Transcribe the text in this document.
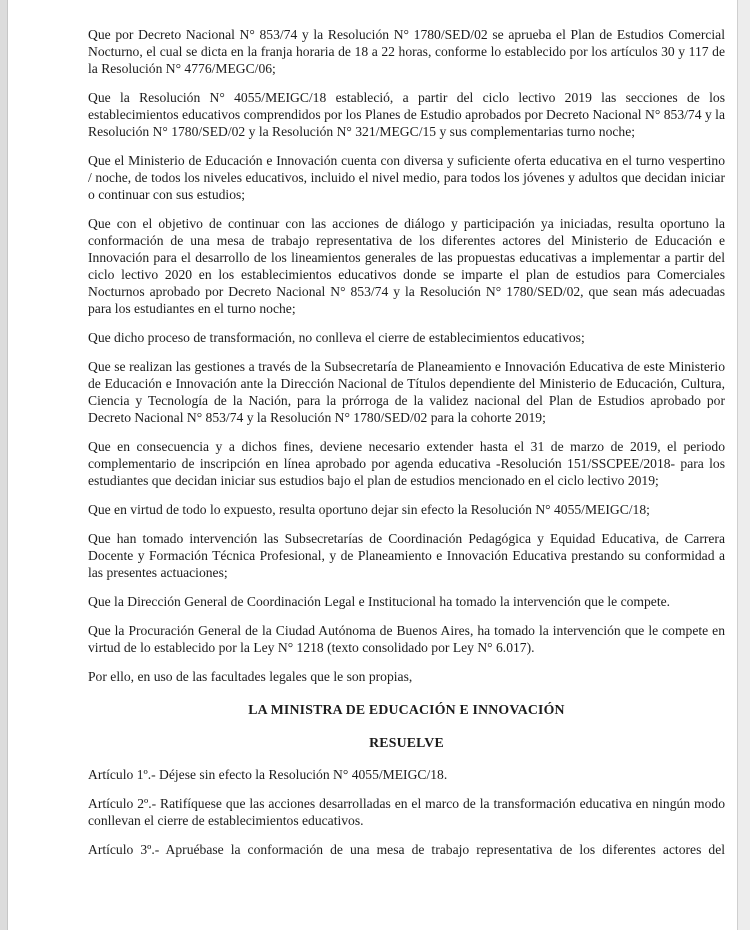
Que por Decreto Nacional N° 853/74 y la Resolución N° 1780/SED/02 se aprueba el Plan de Estudios Comercial Nocturno, el cual se dicta en la franja horaria de 18 a 22 horas, conforme lo establecido por los artículos 30 y 117 de la Resolución N° 4776/MEGC/06;

Que la Resolución N° 4055/MEIGC/18 estableció, a partir del ciclo lectivo 2019 las secciones de los establecimientos educativos comprendidos por los Planes de Estudio aprobados por Decreto Nacional N° 853/74 y la Resolución N° 1780/SED/02 y la Resolución N° 321/MEGC/15 y sus complementarias turno noche;

Que el Ministerio de Educación e Innovación cuenta con diversa y suficiente oferta educativa en el turno vespertino / noche, de todos los niveles educativos, incluido el nivel medio, para todos los jóvenes y adultos que decidan iniciar o continuar con sus estudios;

Que con el objetivo de continuar con las acciones de diálogo y participación ya iniciadas, resulta oportuno la conformación de una mesa de trabajo representativa de los diferentes actores del Ministerio de Educación e Innovación para el desarrollo de los lineamientos generales de las propuestas educativas a implementar a partir del ciclo lectivo 2020 en los establecimientos educativos donde se imparte el plan de estudios para Comerciales Nocturnos aprobado por Decreto Nacional N° 853/74 y la Resolución N° 1780/SED/02, que sean más adecuadas para los estudiantes en el turno noche;

Que dicho proceso de transformación, no conlleva el cierre de establecimientos educativos;

Que se realizan las gestiones a través de la Subsecretaría de Planeamiento e Innovación Educativa de este Ministerio de Educación e Innovación ante la Dirección Nacional de Títulos dependiente del Ministerio de Educación, Cultura, Ciencia y Tecnología de la Nación, para la prórroga de la validez nacional del Plan de Estudios aprobado por Decreto Nacional N° 853/74 y la Resolución N° 1780/SED/02 para la cohorte 2019;

Que en consecuencia y a dichos fines, deviene necesario extender hasta el 31 de marzo de 2019, el periodo complementario de inscripción en línea aprobado por agenda educativa -Resolución 151/SSCPEE/2018- para los estudiantes que decidan iniciar sus estudios bajo el plan de estudios mencionado en el ciclo lectivo 2019;

Que en virtud de todo lo expuesto, resulta oportuno dejar sin efecto la Resolución N° 4055/MEIGC/18;

Que han tomado intervención las Subsecretarías de Coordinación Pedagógica y Equidad Educativa, de Carrera Docente y Formación Técnica Profesional, y de Planeamiento e Innovación Educativa prestando su conformidad a las presentes actuaciones;

Que la Dirección General de Coordinación Legal e Institucional ha tomado la intervención que le compete.

Que la Procuración General de la Ciudad Autónoma de Buenos Aires, ha tomado la intervención que le compete en virtud de lo establecido por la Ley N° 1218 (texto consolidado por Ley N° 6.017).

Por ello, en uso de las facultades legales que le son propias,

LA MINISTRA DE EDUCACIÓN E INNOVACIÓN

RESUELVE

Artículo 1º.- Déjese sin efecto la Resolución N° 4055/MEIGC/18.

Artículo 2º.- Ratifíquese que las acciones desarrolladas en el marco de la transformación educativa en ningún modo conllevan el cierre de establecimientos educativos.

Artículo 3º.- Apruébase la conformación de una mesa de trabajo representativa de los diferentes actores del
